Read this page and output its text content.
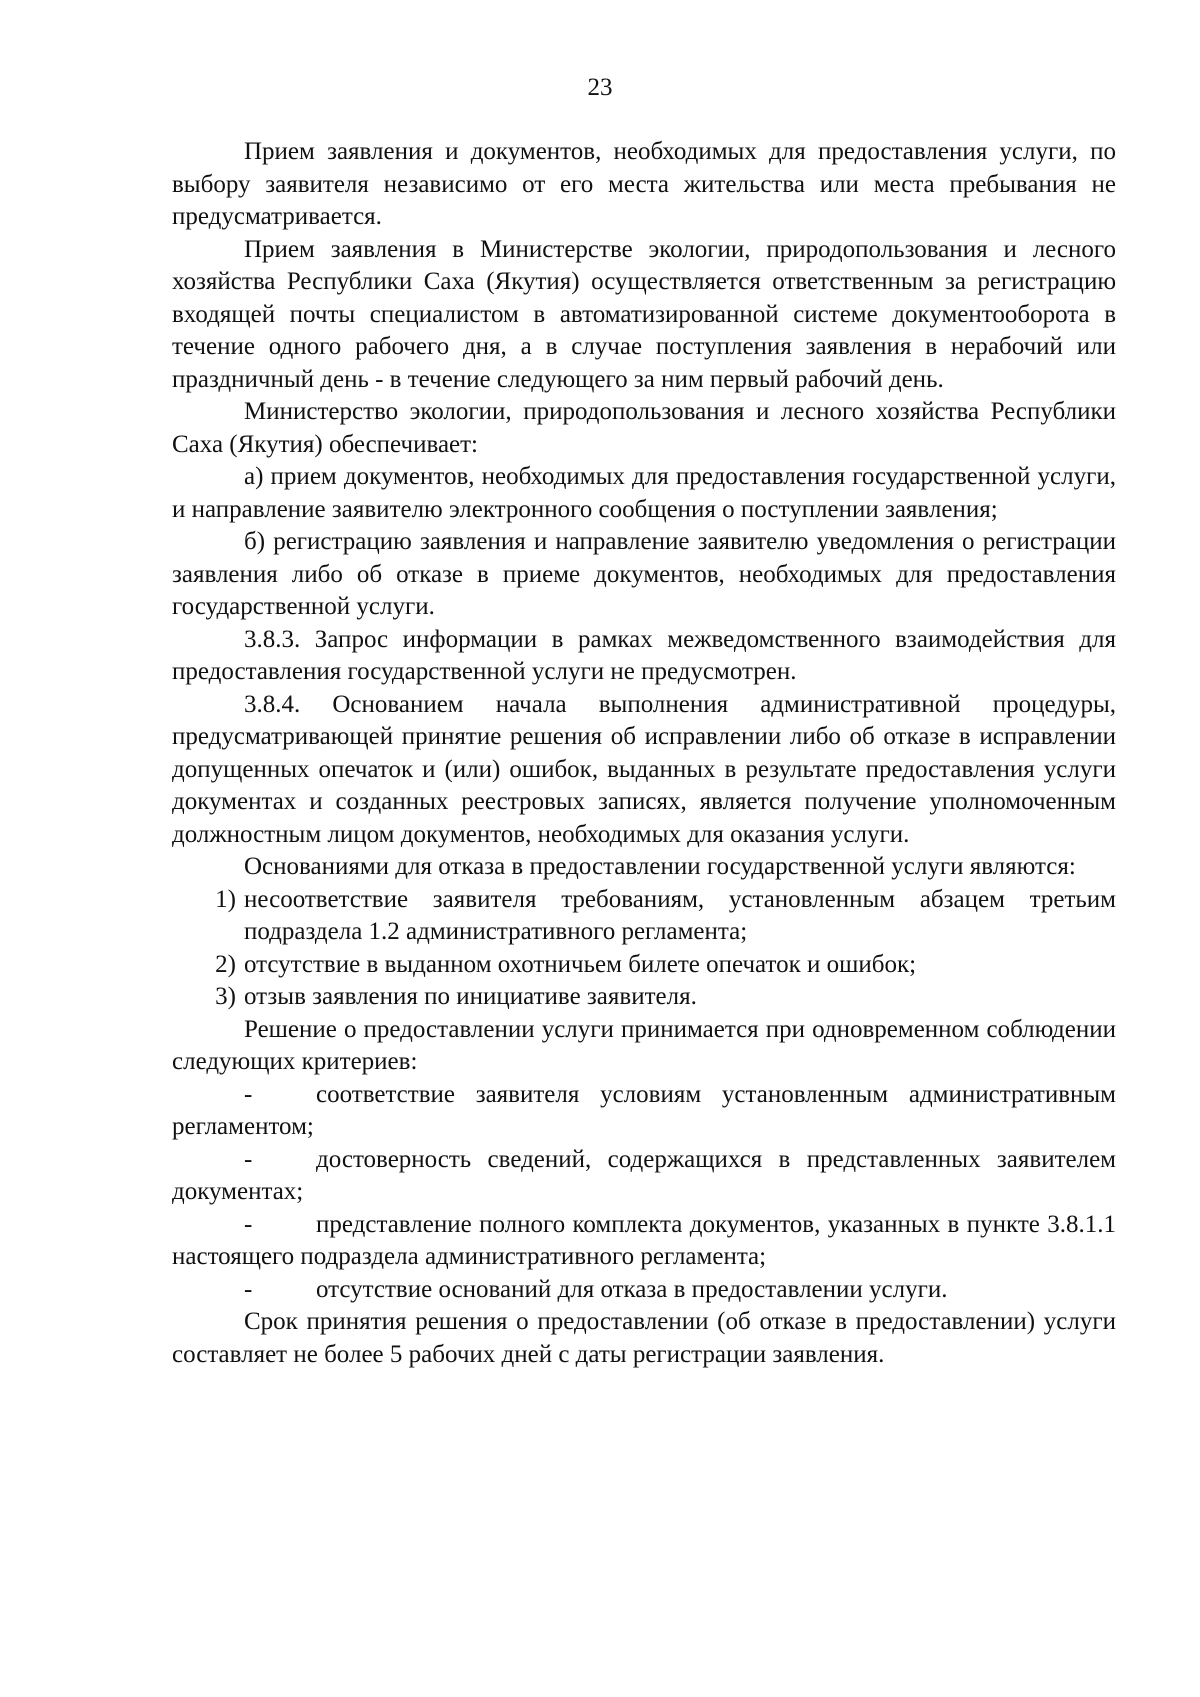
23

Прием заявления и документов, необходимых для предоставления услуги, по выбору заявителя независимо от его места жительства или места пребывания не предусматривается.

Прием заявления в Министерстве экологии, природопользования и лесного хозяйства Республики Саха (Якутия) осуществляется ответственным за регистрацию входящей почты специалистом в автоматизированной системе документооборота в течение одного рабочего дня, а в случае поступления заявления в нерабочий или праздничный день - в течение следующего за ним первый рабочий день.

Министерство экологии, природопользования и лесного хозяйства Республики Саха (Якутия) обеспечивает:

а) прием документов, необходимых для предоставления государственной услуги, и направление заявителю электронного сообщения о поступлении заявления;

б) регистрацию заявления и направление заявителю уведомления о регистрации заявления либо об отказе в приеме документов, необходимых для предоставления государственной услуги.

3.8.3. Запрос информации в рамках межведомственного взаимодействия для предоставления государственной услуги не предусмотрен.

3.8.4. Основанием начала выполнения административной процедуры, предусматривающей принятие решения об исправлении либо об отказе в исправлении допущенных опечаток и (или) ошибок, выданных в результате предоставления услуги документах и созданных реестровых записях, является получение уполномоченным должностным лицом документов, необходимых для оказания услуги.

Основаниями для отказа в предоставлении государственной услуги являются:

1) несоответствие заявителя требованиям, установленным абзацем третьим подраздела 1.2 административного регламента;
2) отсутствие в выданном охотничьем билете опечаток и ошибок;
3) отзыв заявления по инициативе заявителя.

Решение о предоставлении услуги принимается при одновременном соблюдении следующих критериев:

-	соответствие заявителя условиям установленным административным регламентом;

-	достоверность сведений, содержащихся в представленных заявителем документах;

-	представление полного комплекта документов, указанных в пункте 3.8.1.1 настоящего подраздела административного регламента;

-	отсутствие оснований для отказа в предоставлении услуги.

Срок принятия решения о предоставлении (об отказе в предоставлении) услуги составляет не более 5 рабочих дней с даты регистрации заявления.
